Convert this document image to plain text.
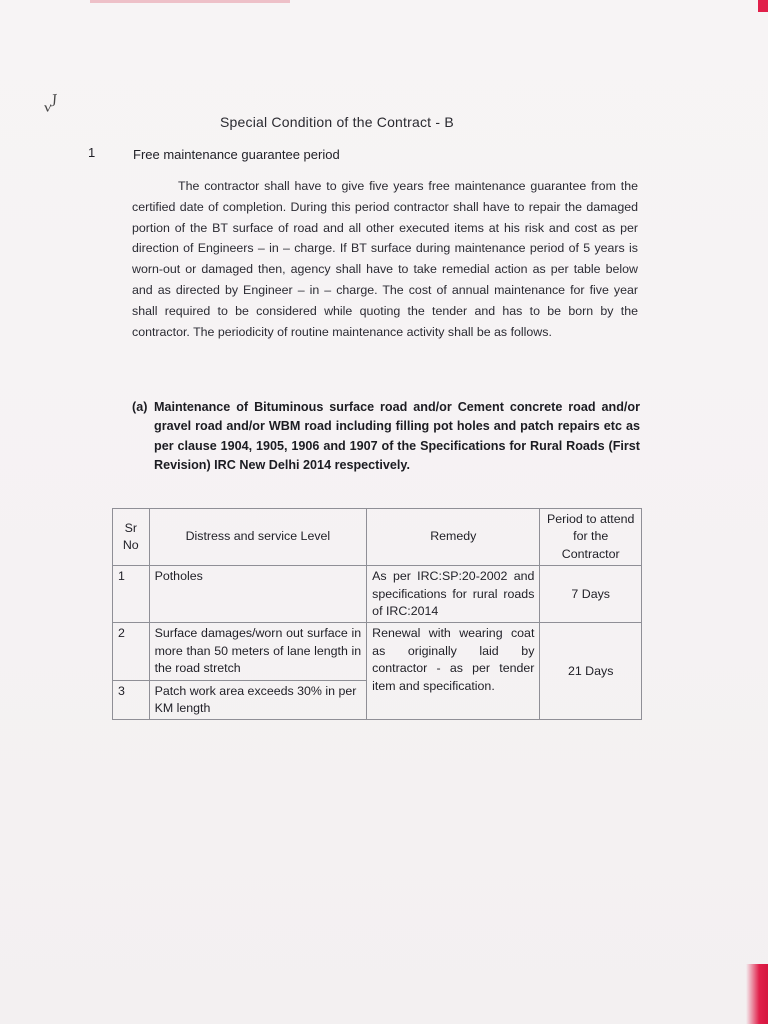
ᵥᴶ
Special Condition of the Contract - B
1	Free maintenance guarantee period
The contractor shall have to give five years free maintenance guarantee from the certified date of completion. During this period contractor shall have to repair the damaged portion of the BT surface of road and all other executed items at his risk and cost as per direction of Engineers – in – charge. If BT surface during maintenance period of 5 years is worn-out or damaged then, agency shall have to take remedial action as per table below and as directed by Engineer – in – charge. The cost of annual maintenance for five year shall required to be considered while quoting the tender and has to be born by the contractor. The periodicity of routine maintenance activity shall be as follows.
(a) Maintenance of Bituminous surface road and/or Cement concrete road and/or gravel road and/or WBM road including filling pot holes and patch repairs etc as per clause 1904, 1905, 1906 and 1907 of the Specifications for Rural Roads (First Revision) IRC New Delhi 2014 respectively.
Sr No	Distress and service Level	Remedy	Period to attend for the Contractor
1	Potholes	As per IRC:SP:20-2002 and specifications for rural roads of IRC:2014	7 Days
2	Surface damages/worn out surface in more than 50 meters of lane length in the road stretch	Renewal with wearing coat as originally laid by contractor - as per tender item and specification.	21 Days
3	Patch work area exceeds 30% in per KM length		
